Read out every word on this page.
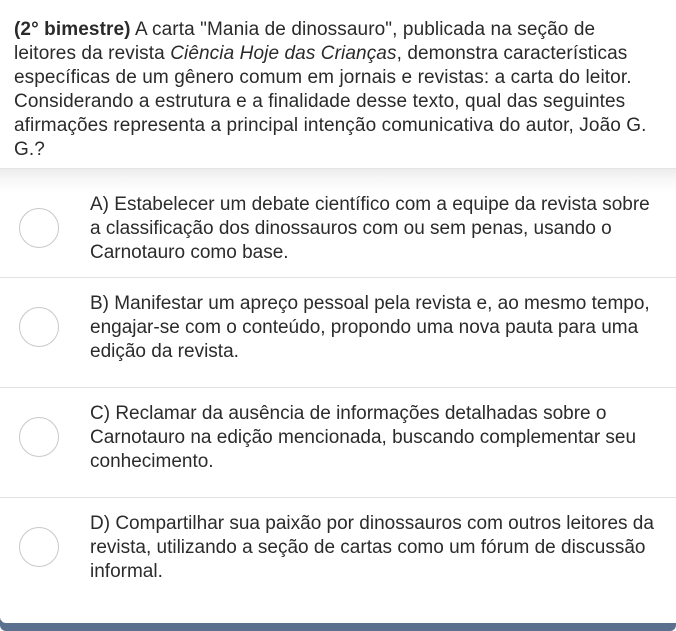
(2° bimestre) A carta "Mania de dinossauro", publicada na seção de leitores da revista Ciência Hoje das Crianças, demonstra características específicas de um gênero comum em jornais e revistas: a carta do leitor. Considerando a estrutura e a finalidade desse texto, qual das seguintes afirmações representa a principal intenção comunicativa do autor, João G. G.?
A) Estabelecer um debate científico com a equipe da revista sobre a classificação dos dinossauros com ou sem penas, usando o Carnotauro como base.
B) Manifestar um apreço pessoal pela revista e, ao mesmo tempo, engajar-se com o conteúdo, propondo uma nova pauta para uma edição da revista.
C) Reclamar da ausência de informações detalhadas sobre o Carnotauro na edição mencionada, buscando complementar seu conhecimento.
D) Compartilhar sua paixão por dinossauros com outros leitores da revista, utilizando a seção de cartas como um fórum de discussão informal.
